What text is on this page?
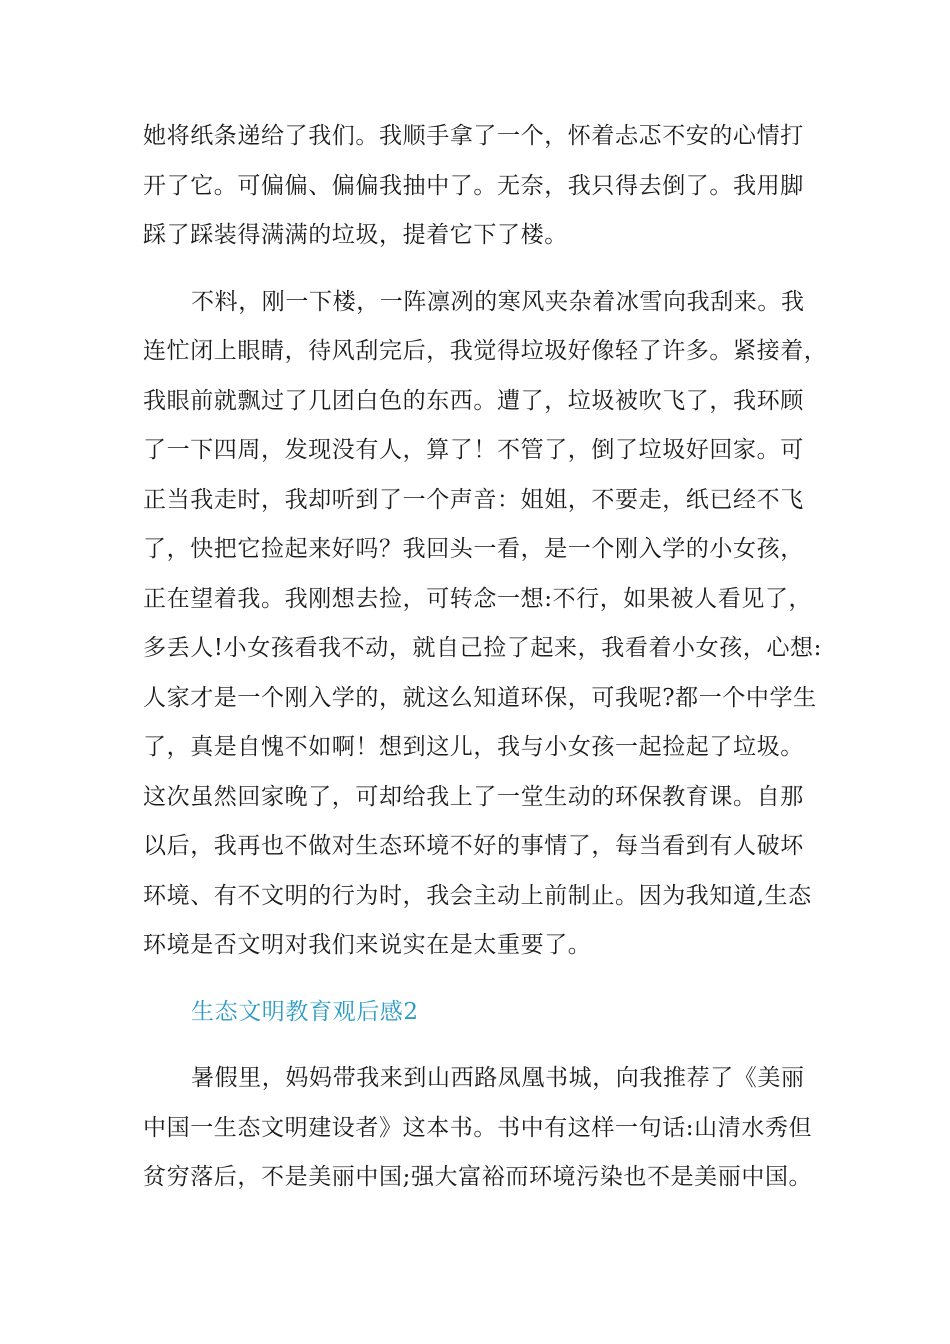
她将纸条递给了我们。我顺手拿了一个，怀着忐忑不安的心情打
开了它。可偏偏、偏偏我抽中了。无奈，我只得去倒了。我用脚
踩了踩装得满满的垃圾，提着它下了楼。
不料，刚一下楼，一阵凛冽的寒风夹杂着冰雪向我刮来。我
连忙闭上眼睛，待风刮完后，我觉得垃圾好像轻了许多。紧接着，
我眼前就飘过了几团白色的东西。遭了，垃圾被吹飞了，我环顾
了一下四周，发现没有人，算了！不管了，倒了垃圾好回家。可
正当我走时，我却听到了一个声音：姐姐，不要走，纸已经不飞
了，快把它捡起来好吗？我回头一看，是一个刚入学的小女孩，
正在望着我。我刚想去捡，可转念一想:不行，如果被人看见了，
多丢人!小女孩看我不动，就自己捡了起来，我看着小女孩，心想:
人家才是一个刚入学的，就这么知道环保，可我呢?都一个中学生
了，真是自愧不如啊！想到这儿，我与小女孩一起捡起了垃圾。
这次虽然回家晚了，可却给我上了一堂生动的环保教育课。自那
以后，我再也不做对生态环境不好的事情了，每当看到有人破坏
环境、有不文明的行为时，我会主动上前制止。因为我知道,生态
环境是否文明对我们来说实在是太重要了。
生态文明教育观后感2
暑假里，妈妈带我来到山西路凤凰书城，向我推荐了《美丽
中国一生态文明建设者》这本书。书中有这样一句话:山清水秀但
贫穷落后，不是美丽中国;强大富裕而环境污染也不是美丽中国。
